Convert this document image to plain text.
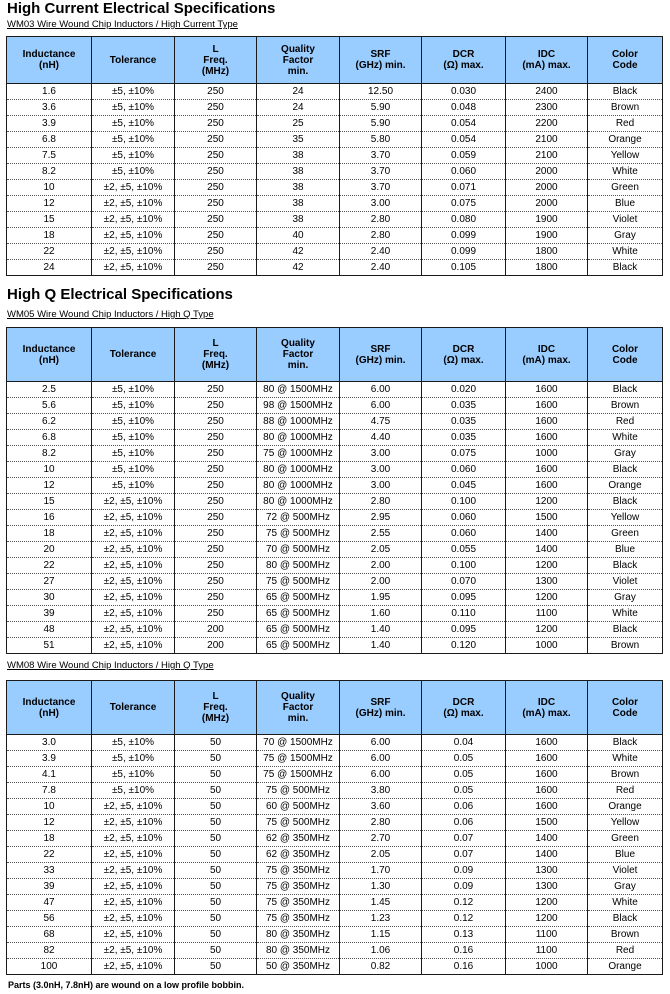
High Current Electrical Specifications
WM03 Wire Wound Chip Inductors / High Current Type
Inductance
(nH)	Tolerance	L
Freq.
(MHz)	Quality
Factor
min.	SRF
(GHz) min.	DCR
(Ω) max.	IDC
(mA) max.	Color
Code

1.6	±5, ±10%	250	24	12.50	0.030	2400	Black
3.6	±5, ±10%	250	24	5.90	0.048	2300	Brown
3.9	±5, ±10%	250	25	5.90	0.054	2200	Red
6.8	±5, ±10%	250	35	5.80	0.054	2100	Orange
7.5	±5, ±10%	250	38	3.70	0.059	2100	Yellow
8.2	±5, ±10%	250	38	3.70	0.060	2000	White
10	±2, ±5, ±10%	250	38	3.70	0.071	2000	Green
12	±2, ±5, ±10%	250	38	3.00	0.075	2000	Blue
15	±2, ±5, ±10%	250	38	2.80	0.080	1900	Violet
18	±2, ±5, ±10%	250	40	2.80	0.099	1900	Gray
22	±2, ±5, ±10%	250	42	2.40	0.099	1800	White
24	±2, ±5, ±10%	250	42	2.40	0.105	1800	Black
High Q Electrical Specifications
WM05 Wire Wound Chip Inductors / High Q Type
Inductance
(nH)	Tolerance	L
Freq.
(MHz)	Quality
Factor
min.	SRF
(GHz) min.	DCR
(Ω) max.	IDC
(mA) max.	Color
Code

2.5	±5, ±10%	250	80 @ 1500MHz	6.00	0.020	1600	Black
5.6	±5, ±10%	250	98 @ 1500MHz	6.00	0.035	1600	Brown
6.2	±5, ±10%	250	88 @ 1000MHz	4.75	0.035	1600	Red
6.8	±5, ±10%	250	80 @ 1000MHz	4.40	0.035	1600	White
8.2	±5, ±10%	250	75 @ 1000MHz	3.00	0.075	1000	Gray
10	±5, ±10%	250	80 @ 1000MHz	3.00	0.060	1600	Black
12	±5, ±10%	250	80 @ 1000MHz	3.00	0.045	1600	Orange
15	±2, ±5, ±10%	250	80 @ 1000MHz	2.80	0.100	1200	Black
16	±2, ±5, ±10%	250	72 @ 500MHz	2.95	0.060	1500	Yellow
18	±2, ±5, ±10%	250	75 @ 500MHz	2.55	0.060	1400	Green
20	±2, ±5, ±10%	250	70 @ 500MHz	2.05	0.055	1400	Blue
22	±2, ±5, ±10%	250	80 @ 500MHz	2.00	0.100	1200	Black
27	±2, ±5, ±10%	250	75 @ 500MHz	2.00	0.070	1300	Violet
30	±2, ±5, ±10%	250	65 @ 500MHz	1.95	0.095	1200	Gray
39	±2, ±5, ±10%	250	65 @ 500MHz	1.60	0.110	1100	White
48	±2, ±5, ±10%	200	65 @ 500MHz	1.40	0.095	1200	Black
51	±2, ±5, ±10%	200	65 @ 500MHz	1.40	0.120	1000	Brown
WM08 Wire Wound Chip Inductors / High Q Type
Inductance
(nH)	Tolerance	L
Freq.
(MHz)	Quality
Factor
min.	SRF
(GHz) min.	DCR
(Ω) max.	IDC
(mA) max.	Color
Code

3.0	±5, ±10%	50	70 @ 1500MHz	6.00	0.04	1600	Black
3.9	±5, ±10%	50	75 @ 1500MHz	6.00	0.05	1600	White
4.1	±5, ±10%	50	75 @ 1500MHz	6.00	0.05	1600	Brown
7.8	±5, ±10%	50	75 @ 500MHz	3.80	0.05	1600	Red
10	±2, ±5, ±10%	50	60 @ 500MHz	3.60	0.06	1600	Orange
12	±2, ±5, ±10%	50	75 @ 500MHz	2.80	0.06	1500	Yellow
18	±2, ±5, ±10%	50	62 @ 350MHz	2.70	0.07	1400	Green
22	±2, ±5, ±10%	50	62 @ 350MHz	2.05	0.07	1400	Blue
33	±2, ±5, ±10%	50	75 @ 350MHz	1.70	0.09	1300	Violet
39	±2, ±5, ±10%	50	75 @ 350MHz	1.30	0.09	1300	Gray
47	±2, ±5, ±10%	50	75 @ 350MHz	1.45	0.12	1200	White
56	±2, ±5, ±10%	50	75 @ 350MHz	1.23	0.12	1200	Black
68	±2, ±5, ±10%	50	80 @ 350MHz	1.15	0.13	1100	Brown
82	±2, ±5, ±10%	50	80 @ 350MHz	1.06	0.16	1100	Red
100	±2, ±5, ±10%	50	50 @ 350MHz	0.82	0.16	1000	Orange
Parts (3.0nH, 7.8nH) are wound on a low profile bobbin.
